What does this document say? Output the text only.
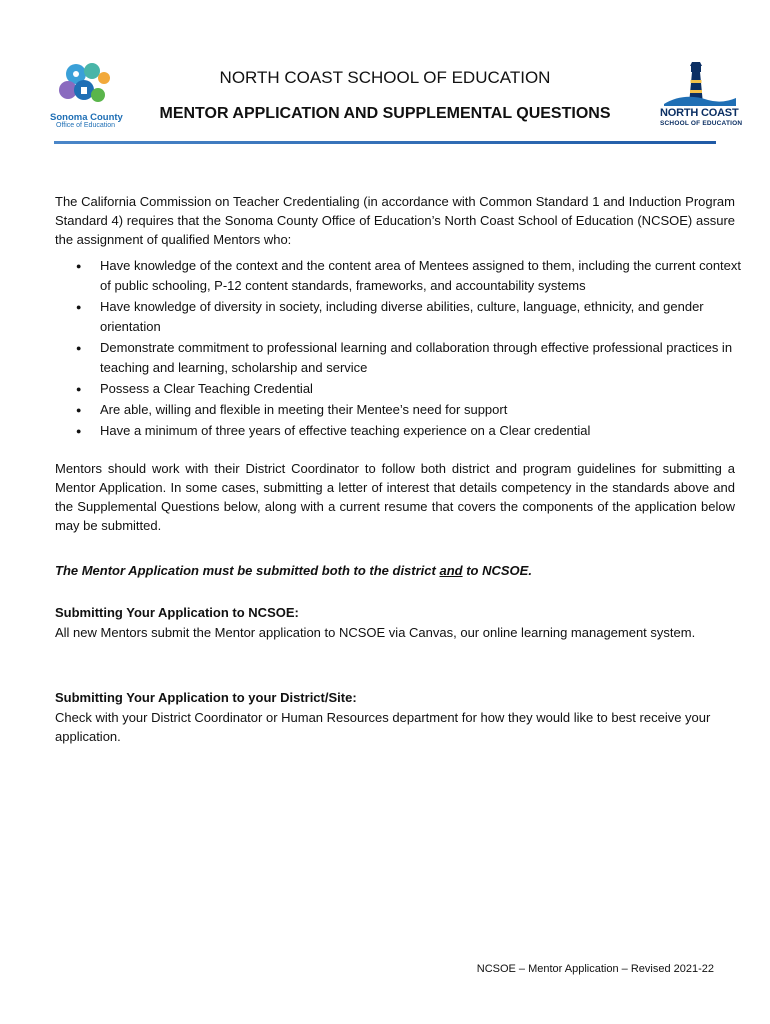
Sonoma County
Office of Education
NORTH COAST SCHOOL OF EDUCATION
MENTOR APPLICATION AND SUPPLEMENTAL QUESTIONS	NORTH COAST
SCHOOL OF EDUCATION
The California Commission on Teacher Credentialing (in accordance with Common Standard 1 and Induction Program Standard 4) requires that the Sonoma County Office of Education’s North Coast School of Education (NCSOE) assure the assignment of qualified Mentors who:
● Have knowledge of the context and the content area of Mentees assigned to them, including the current context of public schooling, P-12 content standards, frameworks, and accountability systems
● Have knowledge of diversity in society, including diverse abilities, culture, language, ethnicity, and gender orientation
● Demonstrate commitment to professional learning and collaboration through effective professional practices in teaching and learning, scholarship and service
● Possess a Clear Teaching Credential
● Are able, willing and flexible in meeting their Mentee’s need for support
● Have a minimum of three years of effective teaching experience on a Clear credential
Mentors should work with their District Coordinator to follow both district and program guidelines for submitting a Mentor Application. In some cases, submitting a letter of interest that details competency in the standards above and the Supplemental Questions below, along with a current resume that covers the components of the application below may be submitted.
The Mentor Application must be submitted both to the district and to NCSOE.
Submitting Your Application to NCSOE:
All new Mentors submit the Mentor application to NCSOE via Canvas, our online learning management system.
Submitting Your Application to your District/Site:
Check with your District Coordinator or Human Resources department for how they would like to best receive your application.
NCSOE – Mentor Application – Revised 2021-22
